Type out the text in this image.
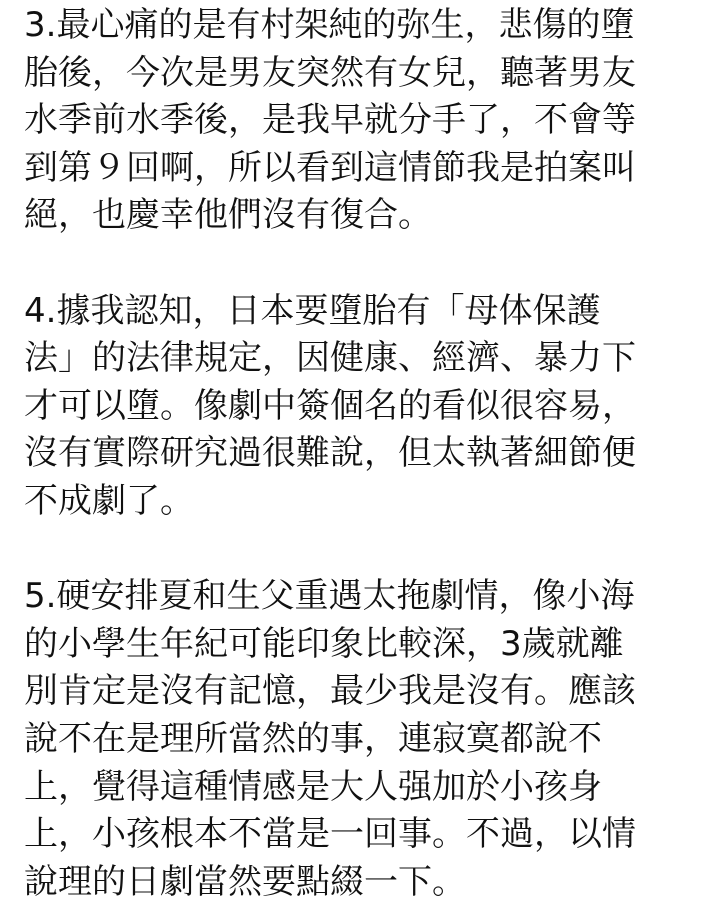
3.最心痛的是有村架純的弥生，悲傷的墮
胎後，今次是男友突然有女兒，聽著男友
水季前水季後，是我早就分手了，不會等
到第９回啊，所以看到這情節我是拍案叫
絕，也慶幸他們沒有復合。
4.據我認知，日本要墮胎有「母体保護
法」的法律規定，因健康、經濟、暴力下
才可以墮。像劇中簽個名的看似很容易，
沒有實際研究過很難說，但太執著細節便
不成劇了。
5.硬安排夏和生父重遇太拖劇情，像小海
的小學生年紀可能印象比較深，3歲就離
別肯定是沒有記憶，最少我是沒有。應該
說不在是理所當然的事，連寂寞都說不
上，覺得這種情感是大人强加於小孩身
上，小孩根本不當是一回事。不過，以情
說理的日劇當然要點綴一下。
